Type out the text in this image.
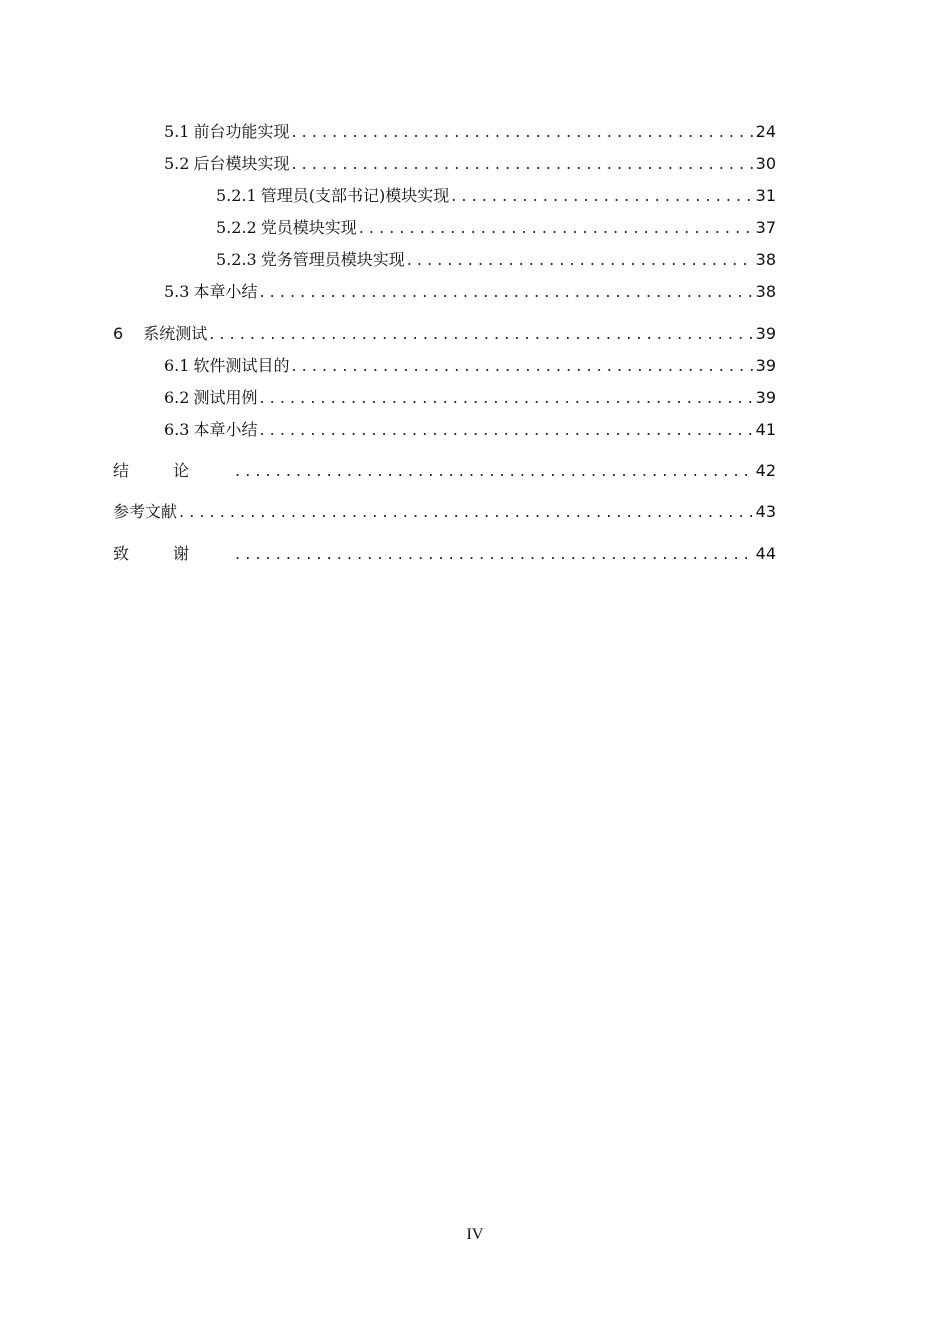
5.1 前台功能实现 . . .	24
5.2 后台模块实现 . . .	30
5.2.1 管理员(支部书记)模块实现 . . .	31
5.2.2 党员模块实现 . . .	37
5.2.3 党务管理员模块实现 . . .	38
5.3 本章小结 . . .	38
6 系统测试 . . .	39
6.1 软件测试目的 . . .	39
6.2 测试用例 . . .	39
6.3 本章小结 . . .	41
结论 . . .	42
参考文献 . . .	43
致谢 . . .	44
IV
